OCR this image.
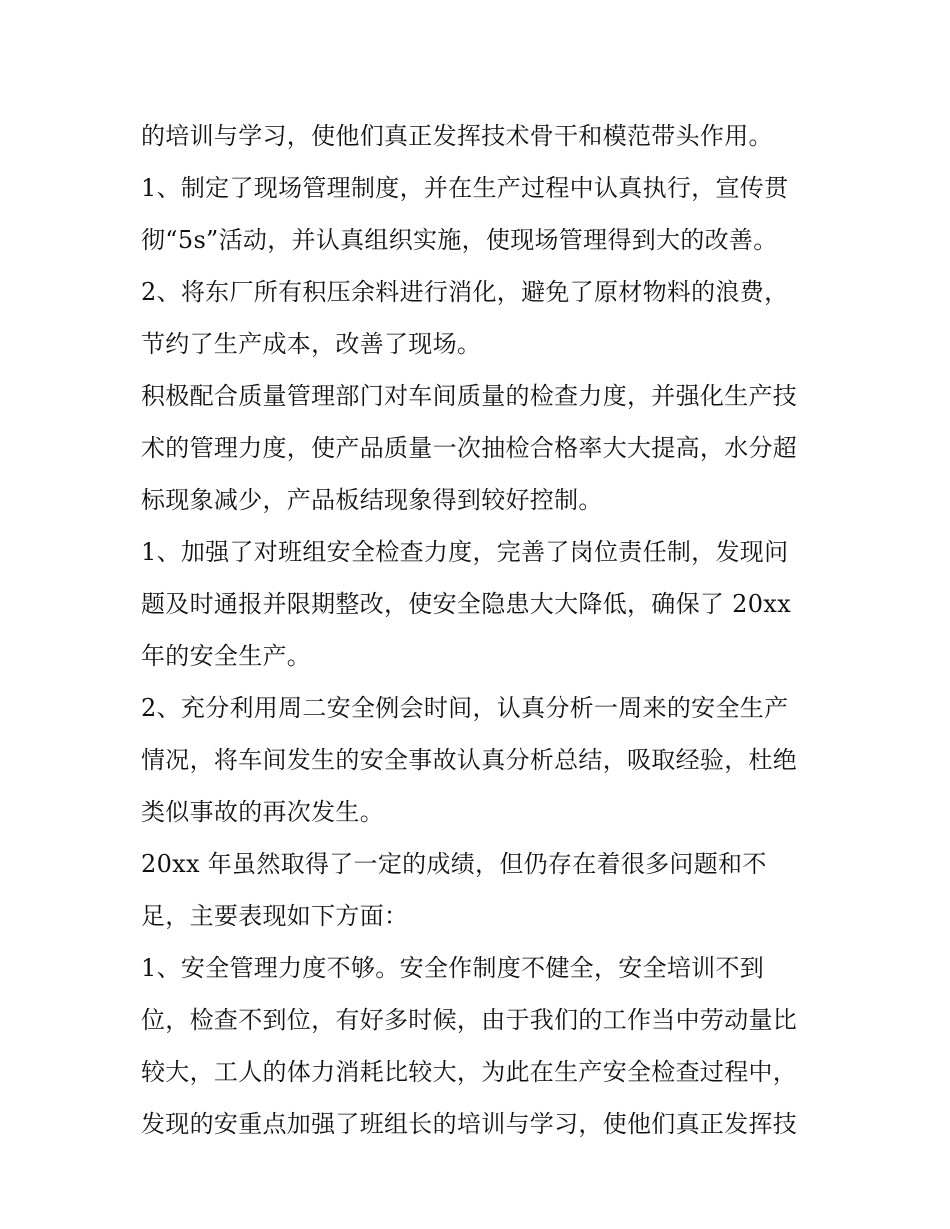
的培训与学习，使他们真正发挥技术骨干和模范带头作用。
1、制定了现场管理制度，并在生产过程中认真执行，宣传贯
彻“5s”活动，并认真组织实施，使现场管理得到大的改善。
2、将东厂所有积压余料进行消化，避免了原材物料的浪费，
节约了生产成本，改善了现场。
积极配合质量管理部门对车间质量的检查力度，并强化生产技
术的管理力度，使产品质量一次抽检合格率大大提高，水分超
标现象减少，产品板结现象得到较好控制。
1、加强了对班组安全检查力度，完善了岗位责任制，发现问
题及时通报并限期整改，使安全隐患大大降低，确保了 20xx
年的安全生产。
2、充分利用周二安全例会时间，认真分析一周来的安全生产
情况，将车间发生的安全事故认真分析总结，吸取经验，杜绝
类似事故的再次发生。
20xx 年虽然取得了一定的成绩，但仍存在着很多问题和不
足，主要表现如下方面：
1、安全管理力度不够。安全作制度不健全，安全培训不到
位，检查不到位，有好多时候，由于我们的工作当中劳动量比
较大，工人的体力消耗比较大，为此在生产安全检查过程中，
发现的安重点加强了班组长的培训与学习，使他们真正发挥技
